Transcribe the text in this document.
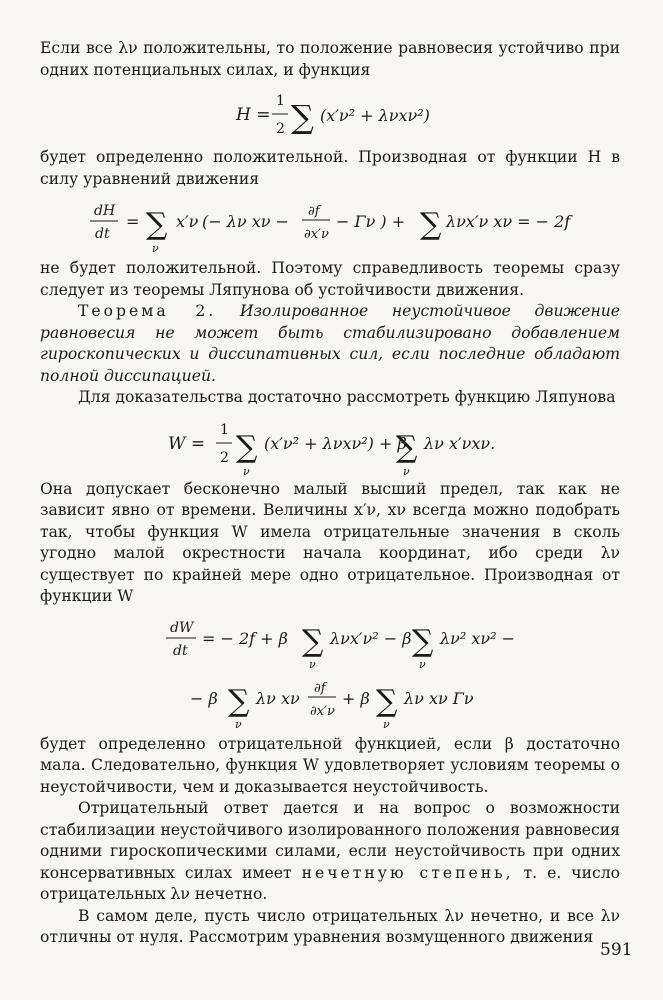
Если все λν положительны, то положение равновесия устойчиво при одних потенциальных силах, и функция

H =
1
2 ∑ (x′ν² + λνxν²)

будет определенно положительной. Производная от функции H в силу уравнений движения

dH
dt
= ∑
ν
x′ν (− λν xν −
∂f
∂x′ν
− Γν ) + ∑ λνx′ν xν = − 2f

не будет положительной. Поэтому справедливость теоремы сразу следует из теоремы Ляпунова об устойчивости движения.

Теорема 2. Изолированное неустойчивое движение равновесия не может быть стабилизировано добавлением гироскопических и диссипативных сил, если последние обладают полной диссипацией.

Для доказательства достаточно рассмотреть функцию Ляпунова

W =
1
2 ∑
ν
(x′ν² + λνxν²) + β
∑
ν
λν x′νxν.

Она допускает бесконечно малый высший предел, так как не зависит явно от времени. Величины x′ν, xν всегда можно подобрать так, чтобы функция W имела отрицательные значения в сколь угодно малой окрестности начала координат, ибо среди λν существует по крайней мере одно отрицательное. Производная от функции W

dW
dt
= − 2f + β ∑
ν
λνx′ν² − β ∑
ν
λν² xν² −
− β ∑
ν
λν xν
∂f
∂x′ν
+ β ∑
ν
λν xν Γν

будет определенно отрицательной функцией, если β достаточно мала. Следовательно, функция W удовлетворяет условиям теоремы о неустойчивости, чем и доказывается неустойчивость.

Отрицательный ответ дается и на вопрос о возможности стабилизации неустойчивого изолированного положения равновесия одними гироскопическими силами, если неустойчивость при одних консервативных силах имеет нечетную степень, т. е. число отрицательных λν нечетно.

В самом деле, пусть число отрицательных λν нечетно, и все λν отличны от нуля. Рассмотрим уравнения возмущенного движения

591
